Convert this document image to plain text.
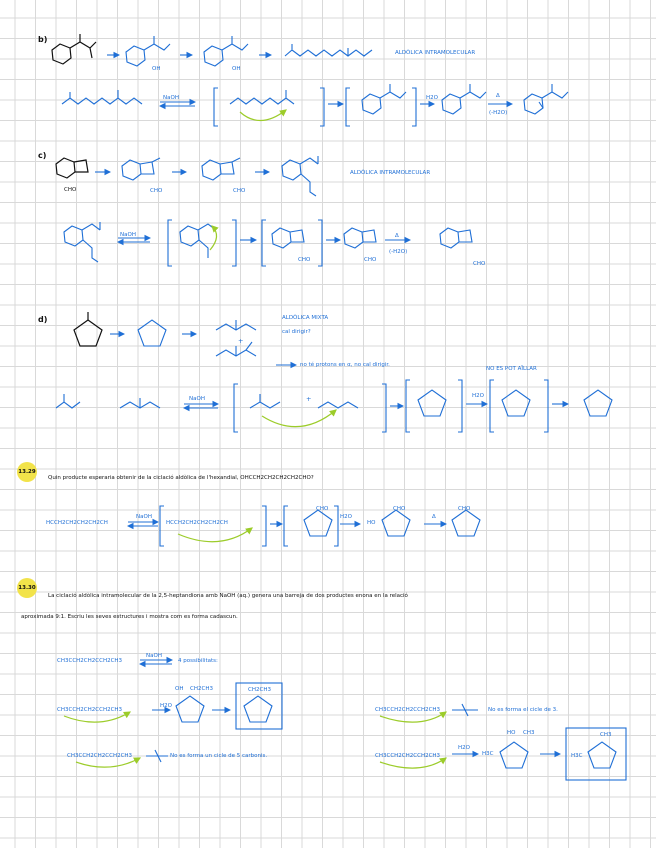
b)
ALDÒLICA INTRAMOLECULAR
NaOH	H2O	Δ
(-H2O)
OH	OH
c)
ALDÒLICA INTRAMOLECULAR
CHO	CHO	CHO
NaOH	Δ
(-H2O)
CHO	CHO
CHO
d)	ALDÒLICA MIXTA
cal dirigir?
+
no té protons en α, no cal dirigir.
NO ES POT AÏLLAR
NaOH	H2O
+
13.29
Quin producte esperaria obtenir de la ciclació aldòlica de l'hexandial, OHCCH2CH2CH2CH2CHO?
HCCH2CH2CH2CH2CH
NaOH
HCCH2CH2CH2CH2CH
CHO
H2O
HO
CHO
Δ
CHO
13.30
La ciclació aldòlica intramolecular de la 2,5-heptandiona amb NaOH (aq.) genera una barreja de dos productes enona en la relació
aproximada 9:1. Escriu les seves estructures i mostra com es forma cadascun.
CH3CCH2CH2CCH2CH3
NaOH
4 possibilitats:
CH3CCH2CH2CCH2CH3
H2O
OH CH2CH3	CH2CH3
CH3CCH2CH2CCH2CH3	No es forma el cicle de 3.
CH3CCH2CH2CCH2CH3	No es forma un cicle de 5 carbonis.	CH3CCH2CH2CCH2CH3
H2O
H3C
HO CH3
H3C
CH3
